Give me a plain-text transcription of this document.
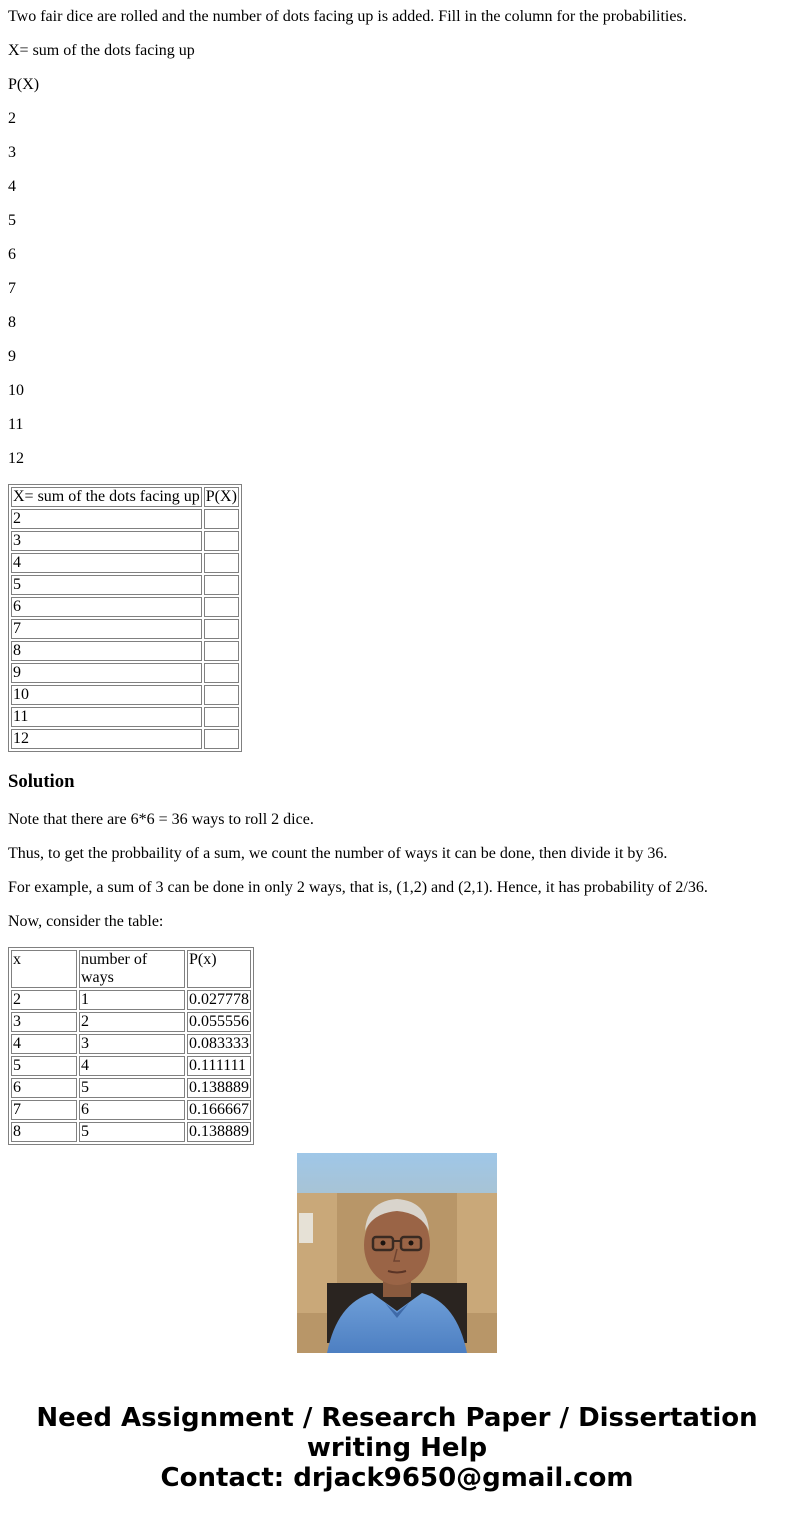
Two fair dice are rolled and the number of dots facing up is added. Fill in the column for the probabilities.

X= sum of the dots facing up

P(X)

2

3

4

5

6

7

8

9

10

11

12

X= sum of the dots facing up	P(X)
2	
3	
4	
5	
6	
7	
8	
9	
10	
11	
12	
Solution

Note that there are 6*6 = 36 ways to roll 2 dice.

Thus, to get the probbaility of a sum, we count the number of ways it can be done, then divide it by 36.

For example, a sum of 3 can be done in only 2 ways, that is, (1,2) and (2,1). Hence, it has probability of 2/36.

Now, consider the table:

x	number of ways	P(x)
2	1	0.027778
3	2	0.055556
4	3	0.083333
5	4	0.111111
6	5	0.138889
7	6	0.166667
8	5	0.138889
Need Assignment / Research Paper / Dissertation
writing Help
Contact: drjack9650@gmail.com
